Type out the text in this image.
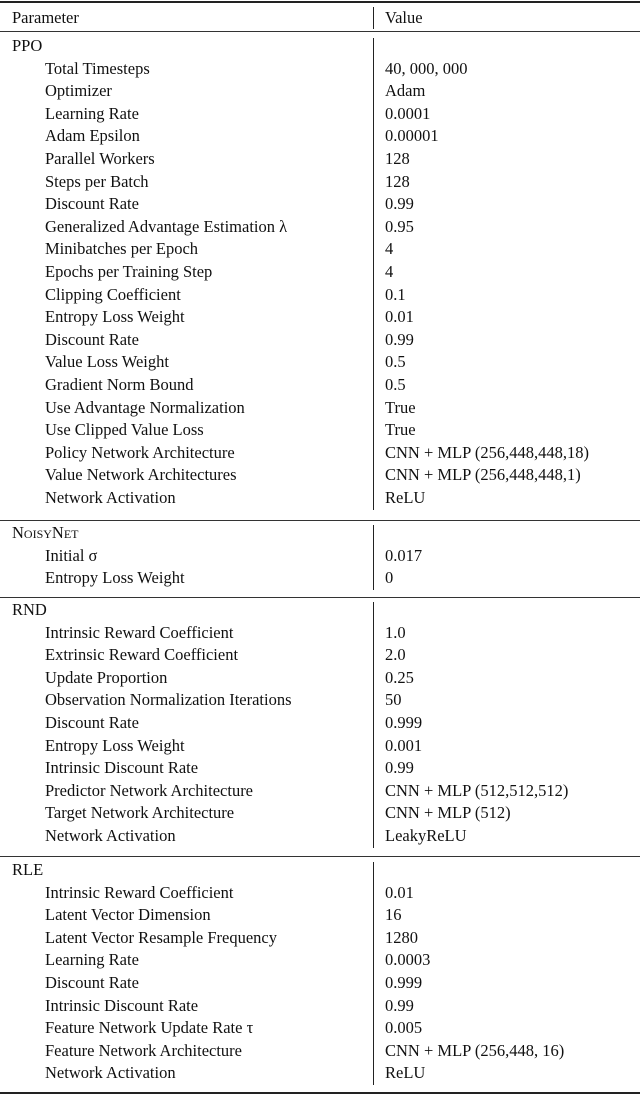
Parameter	Value
PPO
Total Timesteps	40, 000, 000
Optimizer	Adam
Learning Rate	0.0001
Adam Epsilon	0.00001
Parallel Workers	128
Steps per Batch	128
Discount Rate	0.99
Generalized Advantage Estimation λ	0.95
Minibatches per Epoch	4
Epochs per Training Step	4
Clipping Coefficient	0.1
Entropy Loss Weight	0.01
Discount Rate	0.99
Value Loss Weight	0.5
Gradient Norm Bound	0.5
Use Advantage Normalization	True
Use Clipped Value Loss	True
Policy Network Architecture	CNN + MLP (256,448,448,18)
Value Network Architectures	CNN + MLP (256,448,448,1)
Network Activation	ReLU
NoisyNet
Initial σ	0.017
Entropy Loss Weight	0
RND
Intrinsic Reward Coefficient	1.0
Extrinsic Reward Coefficient	2.0
Update Proportion	0.25
Observation Normalization Iterations	50
Discount Rate	0.999
Entropy Loss Weight	0.001
Intrinsic Discount Rate	0.99
Predictor Network Architecture	CNN + MLP (512,512,512)
Target Network Architecture	CNN + MLP (512)
Network Activation	LeakyReLU
RLE
Intrinsic Reward Coefficient	0.01
Latent Vector Dimension	16
Latent Vector Resample Frequency	1280
Learning Rate	0.0003
Discount Rate	0.999
Intrinsic Discount Rate	0.99
Feature Network Update Rate τ	0.005
Feature Network Architecture	CNN + MLP (256,448, 16)
Network Activation	ReLU
